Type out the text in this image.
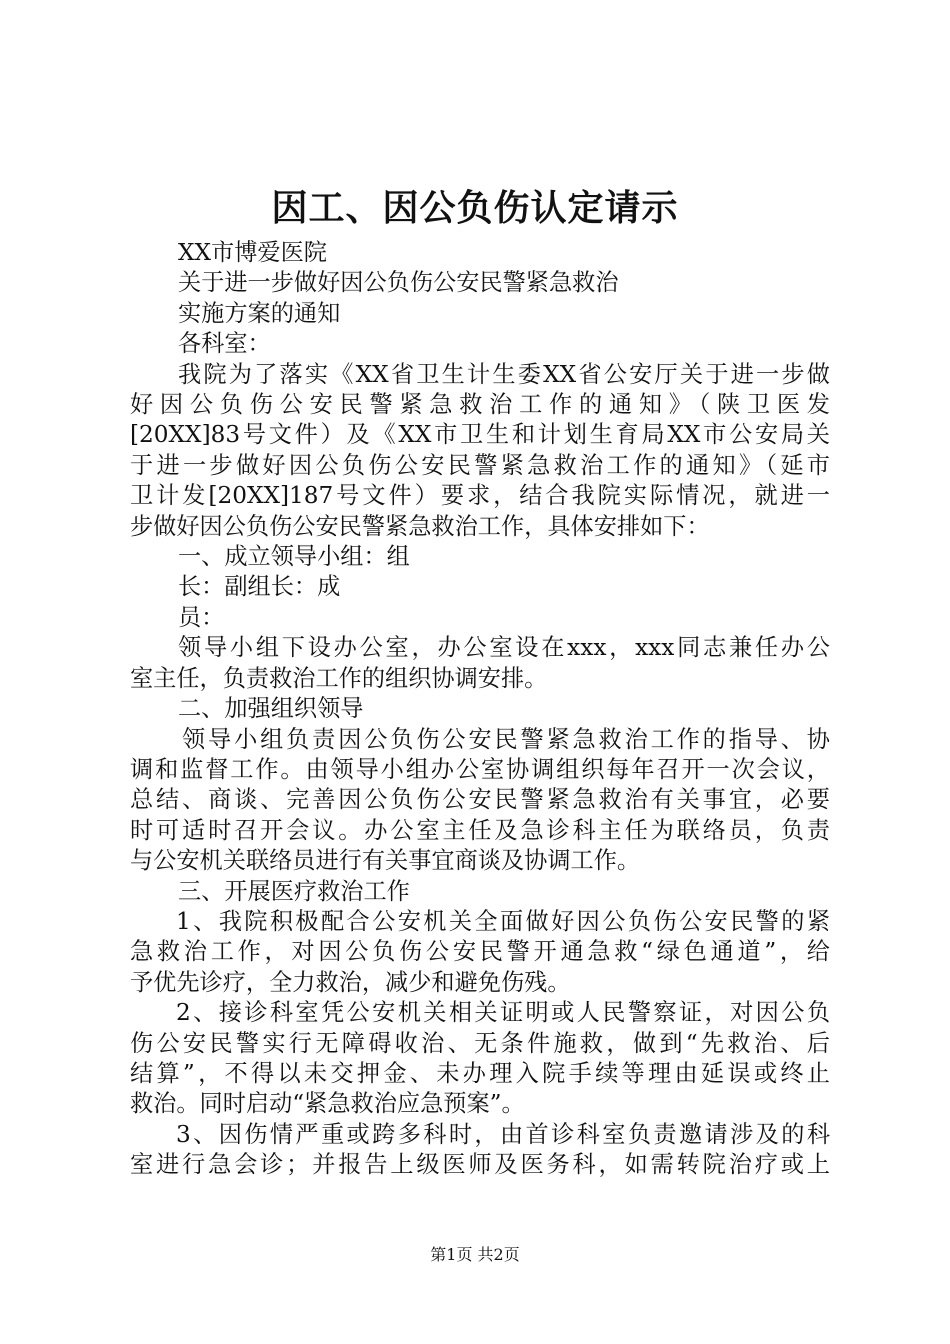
因工、因公负伤认定请示

XX市博爱医院

关于进一步做好因公负伤公安民警紧急救治

实施方案的通知

各科室：

我院为了落实《XX省卫生计生委XX省公安厅关于进一步做

好因公负伤公安民警紧急救治工作的通知》（陕卫医发

[20XX]83号文件）及《XX市卫生和计划生育局XX市公安局关

于进一步做好因公负伤公安民警紧急救治工作的通知》（延市

卫计发[20XX]187号文件）要求，结合我院实际情况，就进一

步做好因公负伤公安民警紧急救治工作，具体安排如下：

一、成立领导小组：组

长：副组长：成

员：

领导小组下设办公室，办公室设在xxx，xxx同志兼任办公

室主任，负责救治工作的组织协调安排。

二、加强组织领导

领导小组负责因公负伤公安民警紧急救治工作的指导、协

调和监督工作。由领导小组办公室协调组织每年召开一次会议，

总结、商谈、完善因公负伤公安民警紧急救治有关事宜，必要

时可适时召开会议。办公室主任及急诊科主任为联络员，负责

与公安机关联络员进行有关事宜商谈及协调工作。

三、开展医疗救治工作

1、我院积极配合公安机关全面做好因公负伤公安民警的紧

急救治工作，对因公负伤公安民警开通急救“绿色通道”，给

予优先诊疗，全力救治，减少和避免伤残。

2、接诊科室凭公安机关相关证明或人民警察证，对因公负

伤公安民警实行无障碍收治、无条件施救，做到“先救治、后

结算”，不得以未交押金、未办理入院手续等理由延误或终止

救治。同时启动“紧急救治应急预案”。

3、因伤情严重或跨多科时，由首诊科室负责邀请涉及的科

室进行急会诊；并报告上级医师及医务科，如需转院治疗或上

第1页 共2页
